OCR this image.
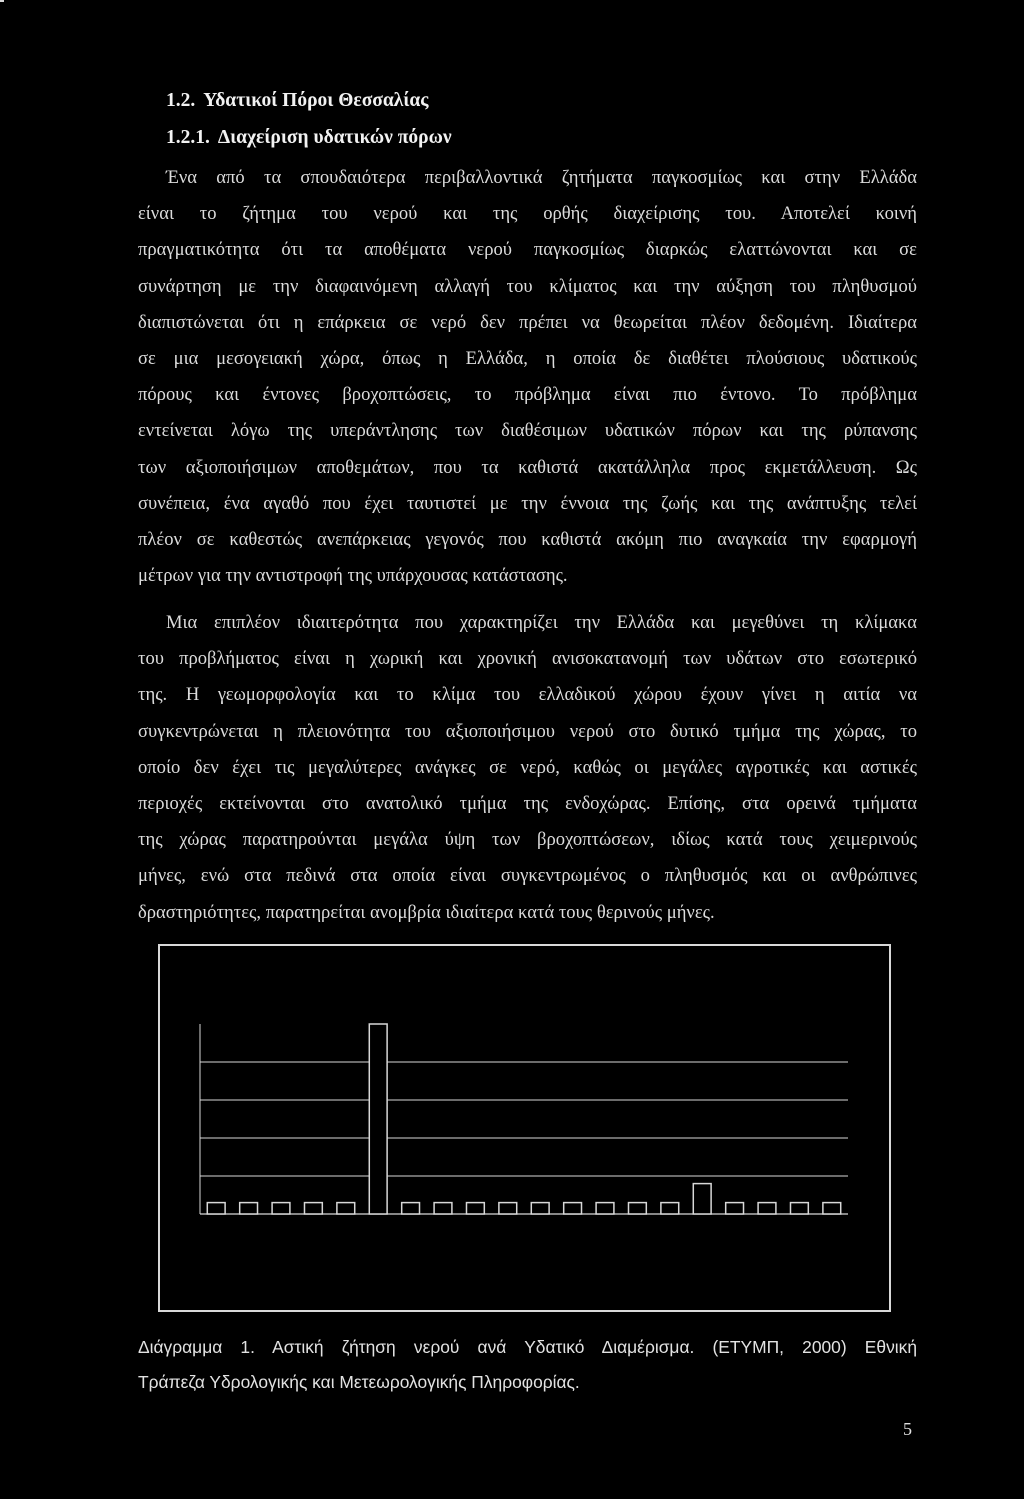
1.2. Υδατικοί Πόροι Θεσσαλίας
1.2.1. Διαχείριση υδατικών πόρων
Ένα από τα σπουδαιότερα περιβαλλοντικά ζητήματα παγκοσμίως και στην Ελλάδα
είναι το ζήτημα του νερού και της ορθής διαχείρισης του. Αποτελεί κοινή
πραγματικότητα ότι τα αποθέματα νερού παγκοσμίως διαρκώς ελαττώνονται και σε
συνάρτηση με την διαφαινόμενη αλλαγή του κλίματος και την αύξηση του πληθυσμού
διαπιστώνεται ότι η επάρκεια σε νερό δεν πρέπει να θεωρείται πλέον δεδομένη. Ιδιαίτερα
σε μια μεσογειακή χώρα, όπως η Ελλάδα, η οποία δε διαθέτει πλούσιους υδατικούς
πόρους και έντονες βροχοπτώσεις, το πρόβλημα είναι πιο έντονο. Το πρόβλημα
εντείνεται λόγω της υπεράντλησης των διαθέσιμων υδατικών πόρων και της ρύπανσης
των αξιοποιήσιμων αποθεμάτων, που τα καθιστά ακατάλληλα προς εκμετάλλευση. Ως
συνέπεια, ένα αγαθό που έχει ταυτιστεί με την έννοια της ζωής και της ανάπτυξης τελεί
πλέον σε καθεστώς ανεπάρκειας γεγονός που καθιστά ακόμη πιο αναγκαία την εφαρμογή
μέτρων για την αντιστροφή της υπάρχουσας κατάστασης.
Μια επιπλέον ιδιαιτερότητα που χαρακτηρίζει την Ελλάδα και μεγεθύνει τη κλίμακα
του προβλήματος είναι η χωρική και χρονική ανισοκατανομή των υδάτων στο εσωτερικό
της. Η γεωμορφολογία και το κλίμα του ελλαδικού χώρου έχουν γίνει η αιτία να
συγκεντρώνεται η πλειονότητα του αξιοποιήσιμου νερού στο δυτικό τμήμα της χώρας, το
οποίο δεν έχει τις μεγαλύτερες ανάγκες σε νερό, καθώς οι μεγάλες αγροτικές και αστικές
περιοχές εκτείνονται στο ανατολικό τμήμα της ενδοχώρας. Επίσης, στα ορεινά τμήματα
της χώρας παρατηρούνται μεγάλα ύψη των βροχοπτώσεων, ιδίως κατά τους χειμερινούς
μήνες, ενώ στα πεδινά στα οποία είναι συγκεντρωμένος ο πληθυσμός και οι ανθρώπινες
δραστηριότητες, παρατηρείται ανομβρία ιδιαίτερα κατά τους θερινούς μήνες.
Διάγραμμα 1. Αστική ζήτηση νερού ανά Υδατικό Διαμέρισμα. (ΕΤΥΜΠ, 2000) Εθνική
Τράπεζα Υδρολογικής και Μετεωρολογικής Πληροφορίας.
5
